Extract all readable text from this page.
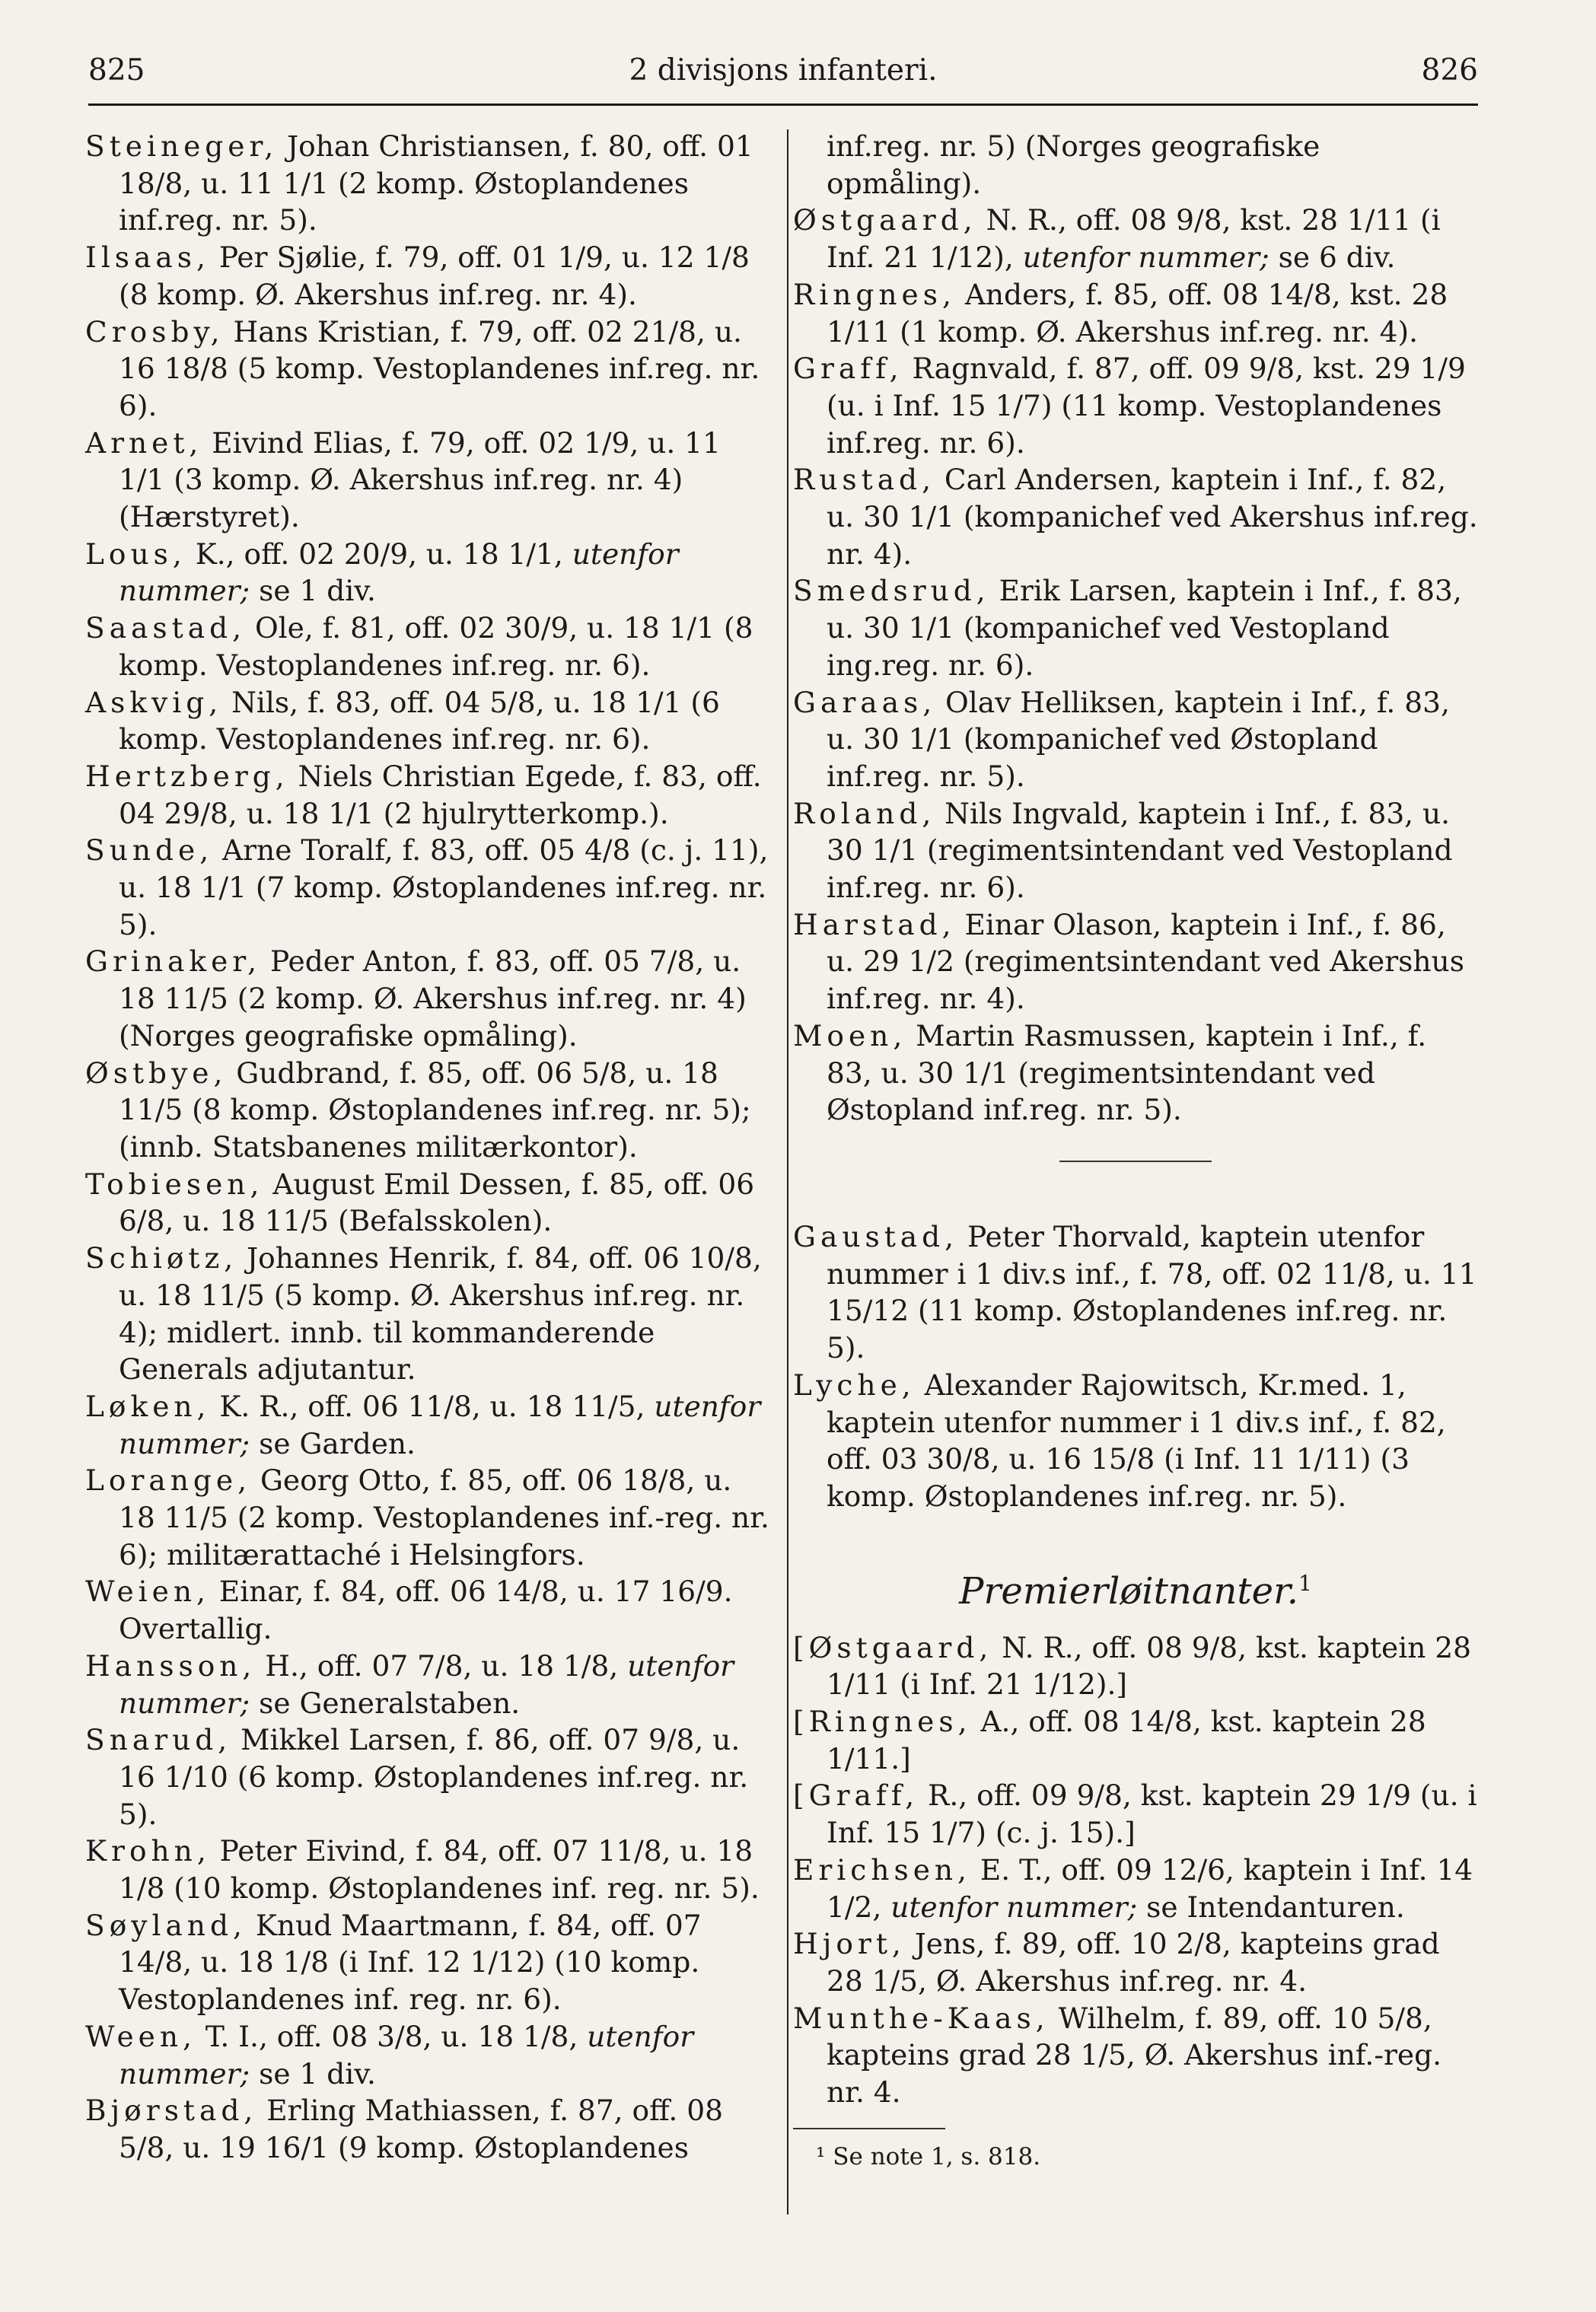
825	2 divisjons infanteri.	826

Steineger, Johan Christiansen, f. 80, off. 01 18/8, u. 11 1/1 (2 komp. Østoplandenes inf.reg. nr. 5).

Ilsaas, Per Sjølie, f. 79, off. 01 1/9, u. 12 1/8 (8 komp. Ø. Akershus inf.reg. nr. 4).

Crosby, Hans Kristian, f. 79, off. 02 21/8, u. 16 18/8 (5 komp. Vestoplandenes inf.reg. nr. 6).

Arnet, Eivind Elias, f. 79, off. 02 1/9, u. 11 1/1 (3 komp. Ø. Akershus inf.reg. nr. 4) (Hærstyret).

Lous, K., off. 02 20/9, u. 18 1/1, utenfor nummer; se 1 div.

Saastad, Ole, f. 81, off. 02 30/9, u. 18 1/1 (8 komp. Vestoplandenes inf.reg. nr. 6).

Askvig, Nils, f. 83, off. 04 5/8, u. 18 1/1 (6 komp. Vestoplandenes inf.reg. nr. 6).

Hertzberg, Niels Christian Egede, f. 83, off. 04 29/8, u. 18 1/1 (2 hjulrytterkomp.).

Sunde, Arne Toralf, f. 83, off. 05 4/8 (c. j. 11), u. 18 1/1 (7 komp. Østoplandenes inf.reg. nr. 5).

Grinaker, Peder Anton, f. 83, off. 05 7/8, u. 18 11/5 (2 komp. Ø. Akershus inf.reg. nr. 4) (Norges geografiske opmåling).

Østbye, Gudbrand, f. 85, off. 06 5/8, u. 18 11/5 (8 komp. Østoplandenes inf.reg. nr. 5); (innb. Statsbanenes militærkontor).

Tobiesen, August Emil Dessen, f. 85, off. 06 6/8, u. 18 11/5 (Befalsskolen).

Schiøtz, Johannes Henrik, f. 84, off. 06 10/8, u. 18 11/5 (5 komp. Ø. Akershus inf.reg. nr. 4); midlert. innb. til kommanderende Generals adjutantur.

Løken, K. R., off. 06 11/8, u. 18 11/5, utenfor nummer; se Garden.

Lorange, Georg Otto, f. 85, off. 06 18/8, u. 18 11/5 (2 komp. Vestoplandenes inf.-reg. nr. 6); militærattaché i Helsingfors.

Weien, Einar, f. 84, off. 06 14/8, u. 17 16/9. Overtallig.

Hansson, H., off. 07 7/8, u. 18 1/8, utenfor nummer; se Generalstaben.

Snarud, Mikkel Larsen, f. 86, off. 07 9/8, u. 16 1/10 (6 komp. Østoplandenes inf.reg. nr. 5).

Krohn, Peter Eivind, f. 84, off. 07 11/8, u. 18 1/8 (10 komp. Østoplandenes inf. reg. nr. 5).

Søyland, Knud Maartmann, f. 84, off. 07 14/8, u. 18 1/8 (i Inf. 12 1/12) (10 komp. Vestoplandenes inf. reg. nr. 6).

Ween, T. I., off. 08 3/8, u. 18 1/8, utenfor nummer; se 1 div.

Bjørstad, Erling Mathiassen, f. 87, off. 08 5/8, u. 19 16/1 (9 komp. Østoplandenes

inf.reg. nr. 5) (Norges geografiske opmåling).

Østgaard, N. R., off. 08 9/8, kst. 28 1/11 (i Inf. 21 1/12), utenfor nummer; se 6 div.

Ringnes, Anders, f. 85, off. 08 14/8, kst. 28 1/11 (1 komp. Ø. Akershus inf.reg. nr. 4).

Graff, Ragnvald, f. 87, off. 09 9/8, kst. 29 1/9 (u. i Inf. 15 1/7) (11 komp. Vestoplandenes inf.reg. nr. 6).

Rustad, Carl Andersen, kaptein i Inf., f. 82, u. 30 1/1 (kompanichef ved Akershus inf.reg. nr. 4).

Smedsrud, Erik Larsen, kaptein i Inf., f. 83, u. 30 1/1 (kompanichef ved Vestopland ing.reg. nr. 6).

Garaas, Olav Helliksen, kaptein i Inf., f. 83, u. 30 1/1 (kompanichef ved Østopland inf.reg. nr. 5).

Roland, Nils Ingvald, kaptein i Inf., f. 83, u. 30 1/1 (regimentsintendant ved Vestopland inf.reg. nr. 6).

Harstad, Einar Olason, kaptein i Inf., f. 86, u. 29 1/2 (regimentsintendant ved Akershus inf.reg. nr. 4).

Moen, Martin Rasmussen, kaptein i Inf., f. 83, u. 30 1/1 (regimentsintendant ved Østopland inf.reg. nr. 5).

Gaustad, Peter Thorvald, kaptein utenfor nummer i 1 div.s inf., f. 78, off. 02 11/8, u. 11 15/12 (11 komp. Østoplandenes inf.reg. nr. 5).

Lyche, Alexander Rajowitsch, Kr.med. 1, kaptein utenfor nummer i 1 div.s inf., f. 82, off. 03 30/8, u. 16 15/8 (i Inf. 11 1/11) (3 komp. Østoplandenes inf.reg. nr. 5).

Premierløitnanter.$^1$

[Østgaard, N. R., off. 08 9/8, kst. kaptein 28 1/11 (i Inf. 21 1/12).]

[Ringnes, A., off. 08 14/8, kst. kaptein 28 1/11.]

[Graff, R., off. 09 9/8, kst. kaptein 29 1/9 (u. i Inf. 15 1/7) (c. j. 15).]

Erichsen, E. T., off. 09 12/6, kaptein i Inf. 14 1/2, utenfor nummer; se Intendanturen.

Hjort, Jens, f. 89, off. 10 2/8, kapteins grad 28 1/5, Ø. Akershus inf.reg. nr. 4.

Munthe-Kaas, Wilhelm, f. 89, off. 10 5/8, kapteins grad 28 1/5, Ø. Akershus inf.-reg. nr. 4.

¹ Se note 1, s. 818.
